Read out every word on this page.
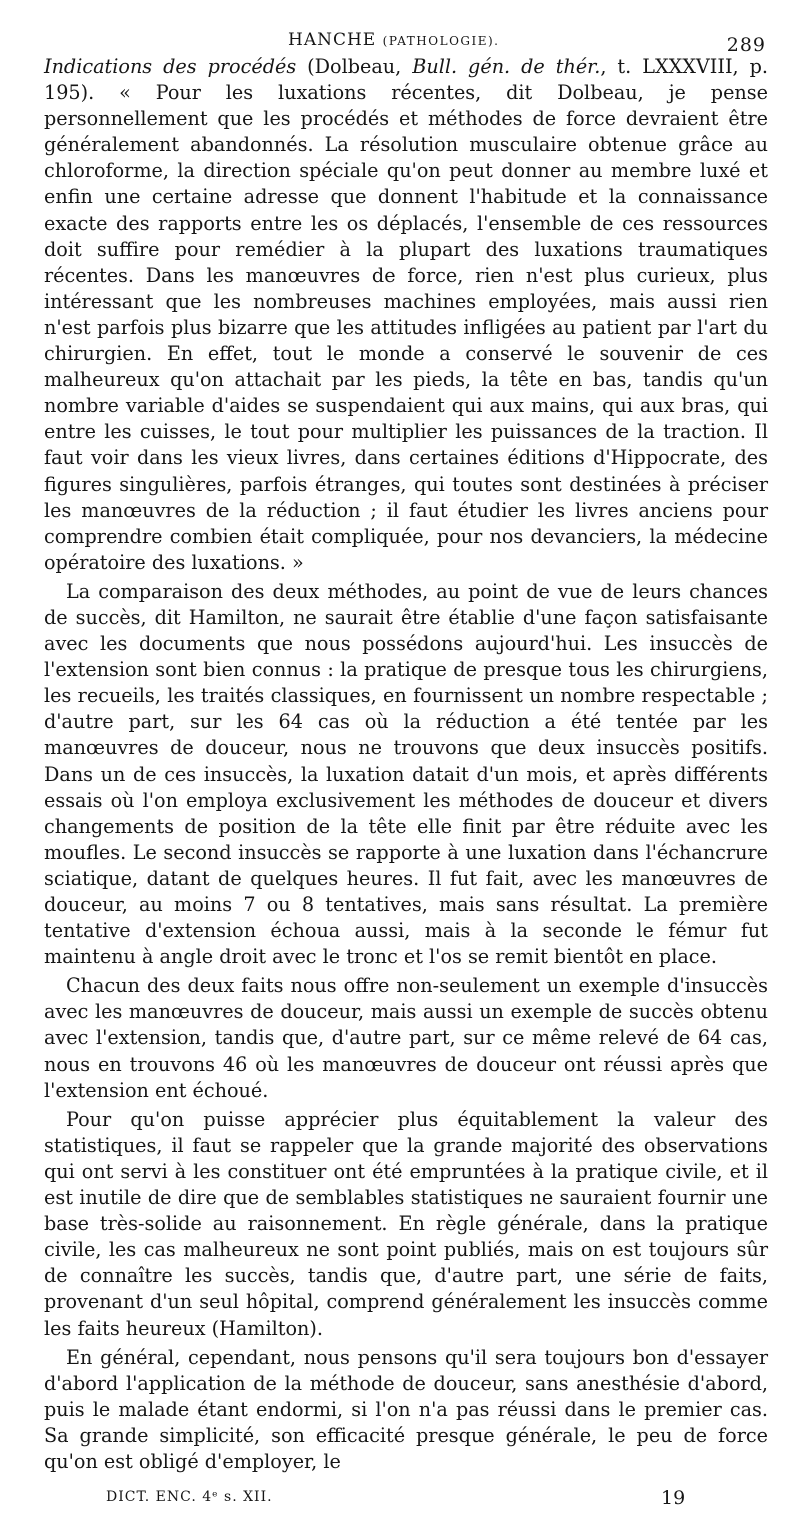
HANCHE (PATHOLOGIE).	289

Indications des procédés (Dolbeau, Bull. gén. de thér., t. LXXXVIII, p. 195). « Pour les luxations récentes, dit Dolbeau, je pense personnellement que les procédés et méthodes de force devraient être généralement abandonnés. La résolution musculaire obtenue grâce au chloroforme, la direction spéciale qu'on peut donner au membre luxé et enfin une certaine adresse que donnent l'habitude et la connaissance exacte des rapports entre les os déplacés, l'ensemble de ces ressources doit suffire pour remédier à la plupart des luxations traumatiques récentes. Dans les manœuvres de force, rien n'est plus curieux, plus intéressant que les nombreuses machines employées, mais aussi rien n'est parfois plus bizarre que les attitudes infligées au patient par l'art du chirurgien. En effet, tout le monde a conservé le souvenir de ces malheureux qu'on attachait par les pieds, la tête en bas, tandis qu'un nombre variable d'aides se suspendaient qui aux mains, qui aux bras, qui entre les cuisses, le tout pour multiplier les puissances de la traction. Il faut voir dans les vieux livres, dans certaines éditions d'Hippocrate, des figures singulières, parfois étranges, qui toutes sont destinées à préciser les manœuvres de la réduction ; il faut étudier les livres anciens pour comprendre combien était compliquée, pour nos devanciers, la médecine opératoire des luxations. »

La comparaison des deux méthodes, au point de vue de leurs chances de succès, dit Hamilton, ne saurait être établie d'une façon satisfaisante avec les documents que nous possédons aujourd'hui. Les insuccès de l'extension sont bien connus : la pratique de presque tous les chirurgiens, les recueils, les traités classiques, en fournissent un nombre respectable ; d'autre part, sur les 64 cas où la réduction a été tentée par les manœuvres de douceur, nous ne trouvons que deux insuccès positifs. Dans un de ces insuccès, la luxation datait d'un mois, et après différents essais où l'on employa exclusivement les méthodes de douceur et divers changements de position de la tête elle finit par être réduite avec les moufles. Le second insuccès se rapporte à une luxation dans l'échancrure sciatique, datant de quelques heures. Il fut fait, avec les manœuvres de douceur, au moins 7 ou 8 tentatives, mais sans résultat. La première tentative d'extension échoua aussi, mais à la seconde le fémur fut maintenu à angle droit avec le tronc et l'os se remit bientôt en place.

Chacun des deux faits nous offre non-seulement un exemple d'insuccès avec les manœuvres de douceur, mais aussi un exemple de succès obtenu avec l'extension, tandis que, d'autre part, sur ce même relevé de 64 cas, nous en trouvons 46 où les manœuvres de douceur ont réussi après que l'extension ent échoué.

Pour qu'on puisse apprécier plus équitablement la valeur des statistiques, il faut se rappeler que la grande majorité des observations qui ont servi à les constituer ont été empruntées à la pratique civile, et il est inutile de dire que de semblables statistiques ne sauraient fournir une base très-solide au raisonnement. En règle générale, dans la pratique civile, les cas malheureux ne sont point publiés, mais on est toujours sûr de connaître les succès, tandis que, d'autre part, une série de faits, provenant d'un seul hôpital, comprend généralement les insuccès comme les faits heureux (Hamilton).

En général, cependant, nous pensons qu'il sera toujours bon d'essayer d'abord l'application de la méthode de douceur, sans anesthésie d'abord, puis le malade étant endormi, si l'on n'a pas réussi dans le premier cas. Sa grande simplicité, son efficacité presque générale, le peu de force qu'on est obligé d'employer, le

DICT. ENC. 4ᵉ s. XII.	19
